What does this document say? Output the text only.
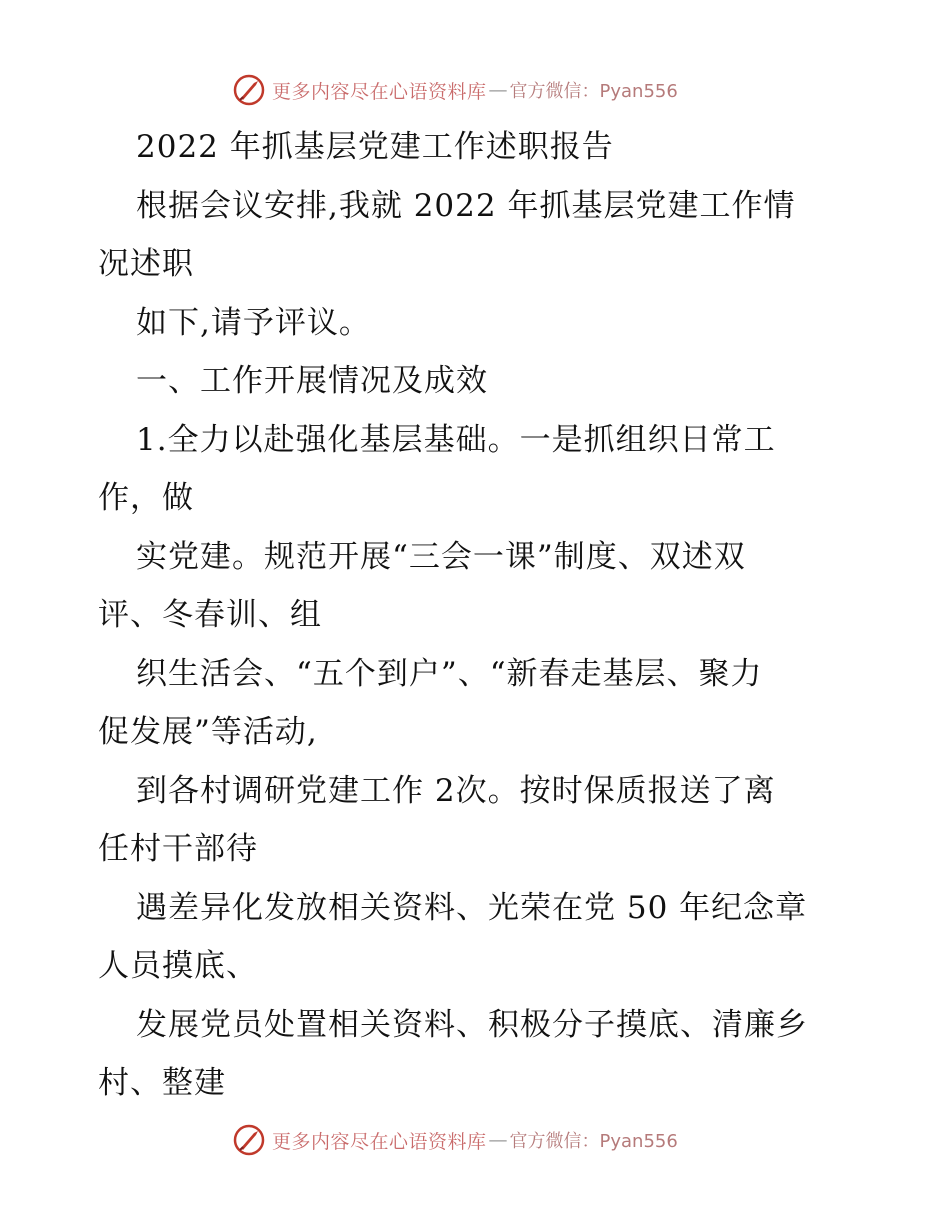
更多内容尽在心语资料库 — 官方微信：Pyan556
2022 年抓基层党建工作述职报告
根据会议安排,我就 2022 年抓基层党建工作情
况述职
如下,请予评议。
一、工作开展情况及成效
1.全力以赴强化基层基础。一是抓组织日常工
作，做
实党建。规范开展“三会一课”制度、双述双
评、冬春训、组
织生活会、“五个到户”、“新春走基层、聚力
促发展”等活动,
到各村调研党建工作 2次。按时保质报送了离
任村干部待
遇差异化发放相关资料、光荣在党 50 年纪念章
人员摸底、
发展党员处置相关资料、积极分子摸底、清廉乡
村、整建
更多内容尽在心语资料库 — 官方微信：Pyan556
